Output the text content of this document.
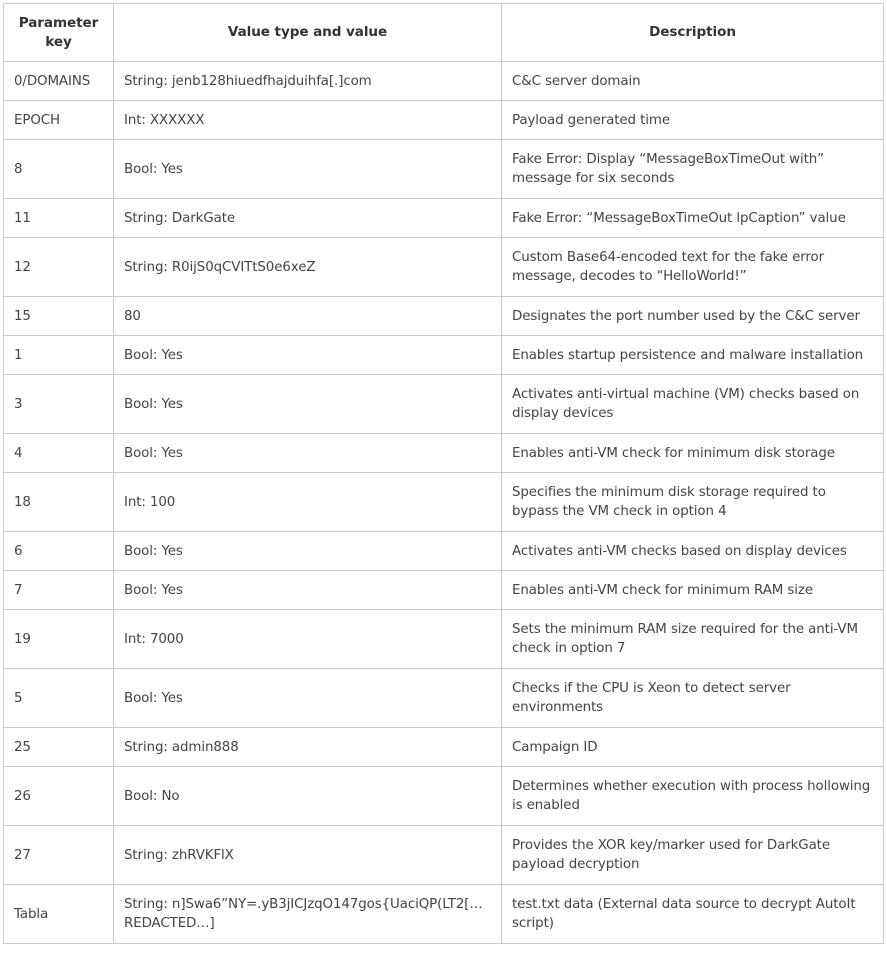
Parameter key	Value type and value	Description
0/DOMAINS	String: jenb128hiuedfhajduihfa[.]com	C&C server domain
EPOCH	Int: XXXXXX	Payload generated time
8	Bool: Yes	Fake Error: Display “MessageBoxTimeOut with” message for six seconds
11	String: DarkGate	Fake Error: “MessageBoxTimeOut lpCaption” value
12	String: R0ijS0qCVITtS0e6xeZ	Custom Base64-encoded text for the fake error message, decodes to “HelloWorld!”
15	80	Designates the port number used by the C&C server
1	Bool: Yes	Enables startup persistence and malware installation
3	Bool: Yes	Activates anti-virtual machine (VM) checks based on display devices
4	Bool: Yes	Enables anti-VM check for minimum disk storage
18	Int: 100	Specifies the minimum disk storage required to bypass the VM check in option 4
6	Bool: Yes	Activates anti-VM checks based on display devices
7	Bool: Yes	Enables anti-VM check for minimum RAM size
19	Int: 7000	Sets the minimum RAM size required for the anti-VM check in option 7
5	Bool: Yes	Checks if the CPU is Xeon to detect server environments
25	String: admin888	Campaign ID
26	Bool: No	Determines whether execution with process hollowing is enabled
27	String: zhRVKFlX	Provides the XOR key/marker used for DarkGate payload decryption
Tabla	String: n]Swa6”NY=.yB3jICJzqO147gos{UaciQP(LT2[…REDACTED…]	test.txt data (External data source to decrypt AutoIt script)
